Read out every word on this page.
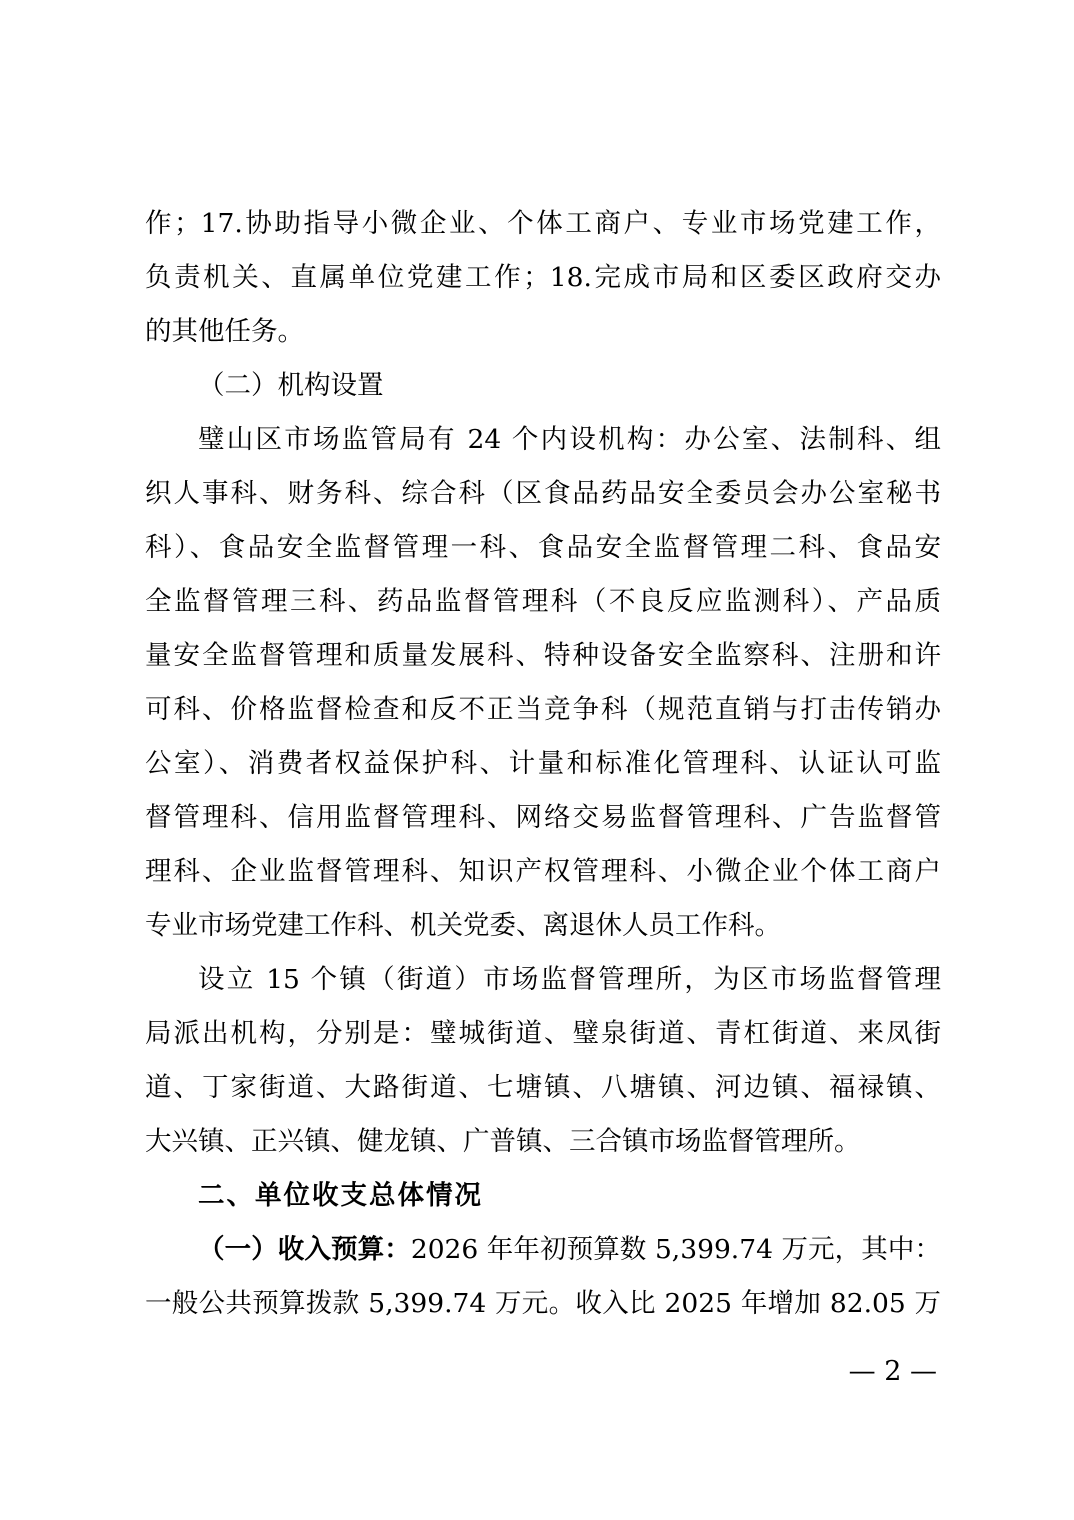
作；17.协助指导小微企业、个体工商户、专业市场党建工作，
负责机关、直属单位党建工作；18.完成市局和区委区政府交办
的其他任务。
（二）机构设置
璧山区市场监管局有 24 个内设机构：办公室、法制科、组
织人事科、财务科、综合科（区食品药品安全委员会办公室秘书
科）、食品安全监督管理一科、食品安全监督管理二科、食品安
全监督管理三科、药品监督管理科（不良反应监测科）、产品质
量安全监督管理和质量发展科、特种设备安全监察科、注册和许
可科、价格监督检查和反不正当竞争科（规范直销与打击传销办
公室）、消费者权益保护科、计量和标准化管理科、认证认可监
督管理科、信用监督管理科、网络交易监督管理科、广告监督管
理科、企业监督管理科、知识产权管理科、小微企业个体工商户
专业市场党建工作科、机关党委、离退休人员工作科。
设立 15 个镇（街道）市场监督管理所，为区市场监督管理
局派出机构，分别是：璧城街道、璧泉街道、青杠街道、来凤街
道、丁家街道、大路街道、七塘镇、八塘镇、河边镇、福禄镇、
大兴镇、正兴镇、健龙镇、广普镇、三合镇市场监督管理所。
二、单位收支总体情况
（一）收入预算：2026 年年初预算数 5,399.74 万元，其中：
一般公共预算拨款 5,399.74 万元。收入比 2025 年增加 82.05 万
— 2 —
